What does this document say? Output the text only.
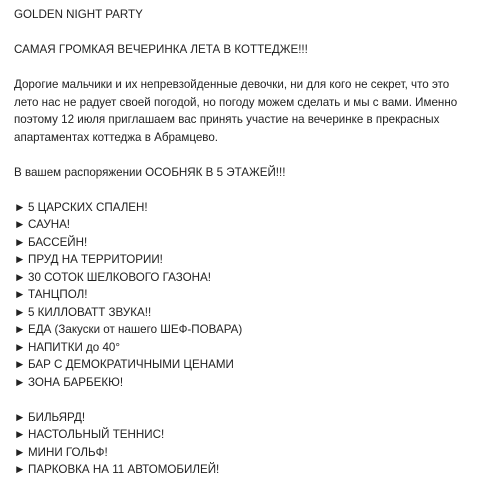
GOLDEN NIGHT PARTY
САМАЯ ГРОМКАЯ ВЕЧЕРИНКА ЛЕТА В КОТТЕДЖЕ!!!
Дорогие мальчики и их непревзойденные девочки, ни для кого не секрет, что это
лето нас не радует своей погодой, но погоду можем сделать и мы с вами. Именно
поэтому 12 июля приглашаем вас принять участие на вечеринке в прекрасных
апартаментах коттеджа в Абрамцево.
В вашем распоряжении ОСОБНЯК В 5 ЭТАЖЕЙ!!!
► 5 ЦАРСКИХ СПАЛЕН!
► САУНА!
► БАССЕЙН!
► ПРУД НА ТЕРРИТОРИИ!
► 30 СОТОК ШЕЛКОВОГО ГАЗОНА!
► ТАНЦПОЛ!
► 5 КИЛЛОВАТТ ЗВУКА!!
► ЕДА (Закуски от нашего ШЕФ-ПОВАРА)
► НАПИТКИ до 40°
► БАР С ДЕМОКРАТИЧНЫМИ ЦЕНАМИ
► ЗОНА БАРБЕКЮ!
► БИЛЬЯРД!
► НАСТОЛЬНЫЙ ТЕННИС!
► МИНИ ГОЛЬФ!
► ПАРКОВКА НА 11 АВТОМОБИЛЕЙ!
